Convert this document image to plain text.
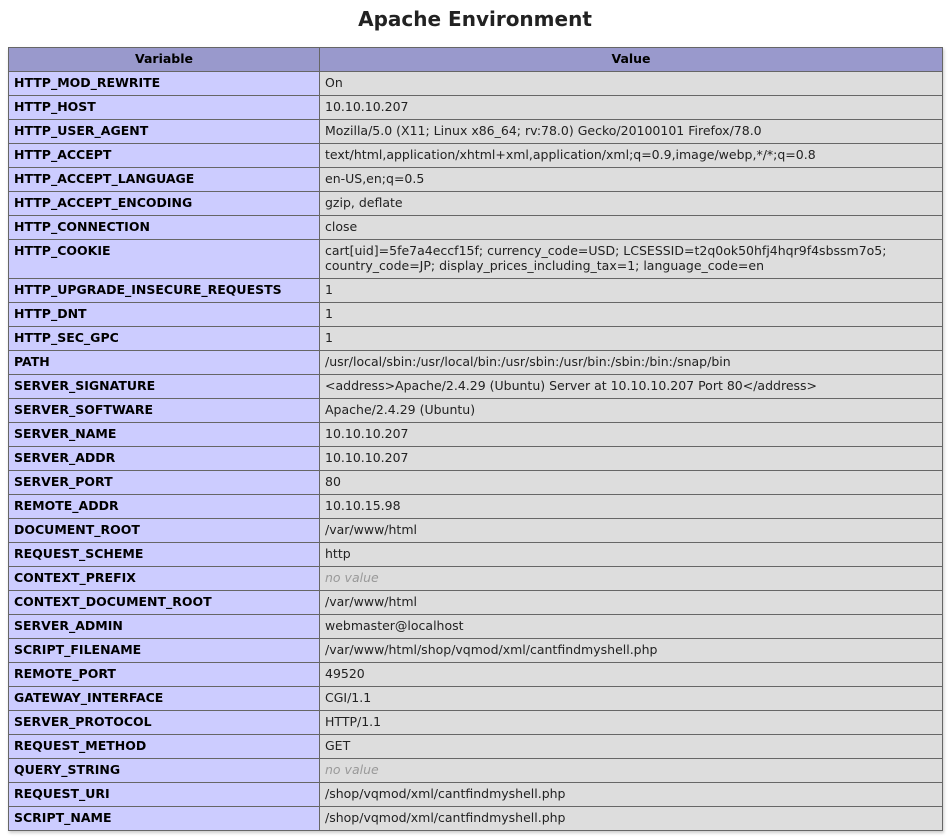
Apache Environment
Variable	Value
HTTP_MOD_REWRITE	On
HTTP_HOST	10.10.10.207
HTTP_USER_AGENT	Mozilla/5.0 (X11; Linux x86_64; rv:78.0) Gecko/20100101 Firefox/78.0
HTTP_ACCEPT	text/html,application/xhtml+xml,application/xml;q=0.9,image/webp,*/*;q=0.8
HTTP_ACCEPT_LANGUAGE	en-US,en;q=0.5
HTTP_ACCEPT_ENCODING	gzip, deflate
HTTP_CONNECTION	close
HTTP_COOKIE	cart[uid]=5fe7a4eccf15f; currency_code=USD; LCSESSID=t2q0ok50hfj4hqr9f4sbssm7o5; country_code=JP; display_prices_including_tax=1; language_code=en
HTTP_UPGRADE_INSECURE_REQUESTS	1
HTTP_DNT	1
HTTP_SEC_GPC	1
PATH	/usr/local/sbin:/usr/local/bin:/usr/sbin:/usr/bin:/sbin:/bin:/snap/bin
SERVER_SIGNATURE	<address>Apache/2.4.29 (Ubuntu) Server at 10.10.10.207 Port 80</address>
SERVER_SOFTWARE	Apache/2.4.29 (Ubuntu)
SERVER_NAME	10.10.10.207
SERVER_ADDR	10.10.10.207
SERVER_PORT	80
REMOTE_ADDR	10.10.15.98
DOCUMENT_ROOT	/var/www/html
REQUEST_SCHEME	http
CONTEXT_PREFIX	no value
CONTEXT_DOCUMENT_ROOT	/var/www/html
SERVER_ADMIN	webmaster@localhost
SCRIPT_FILENAME	/var/www/html/shop/vqmod/xml/cantfindmyshell.php
REMOTE_PORT	49520
GATEWAY_INTERFACE	CGI/1.1
SERVER_PROTOCOL	HTTP/1.1
REQUEST_METHOD	GET
QUERY_STRING	no value
REQUEST_URI	/shop/vqmod/xml/cantfindmyshell.php
SCRIPT_NAME	/shop/vqmod/xml/cantfindmyshell.php
